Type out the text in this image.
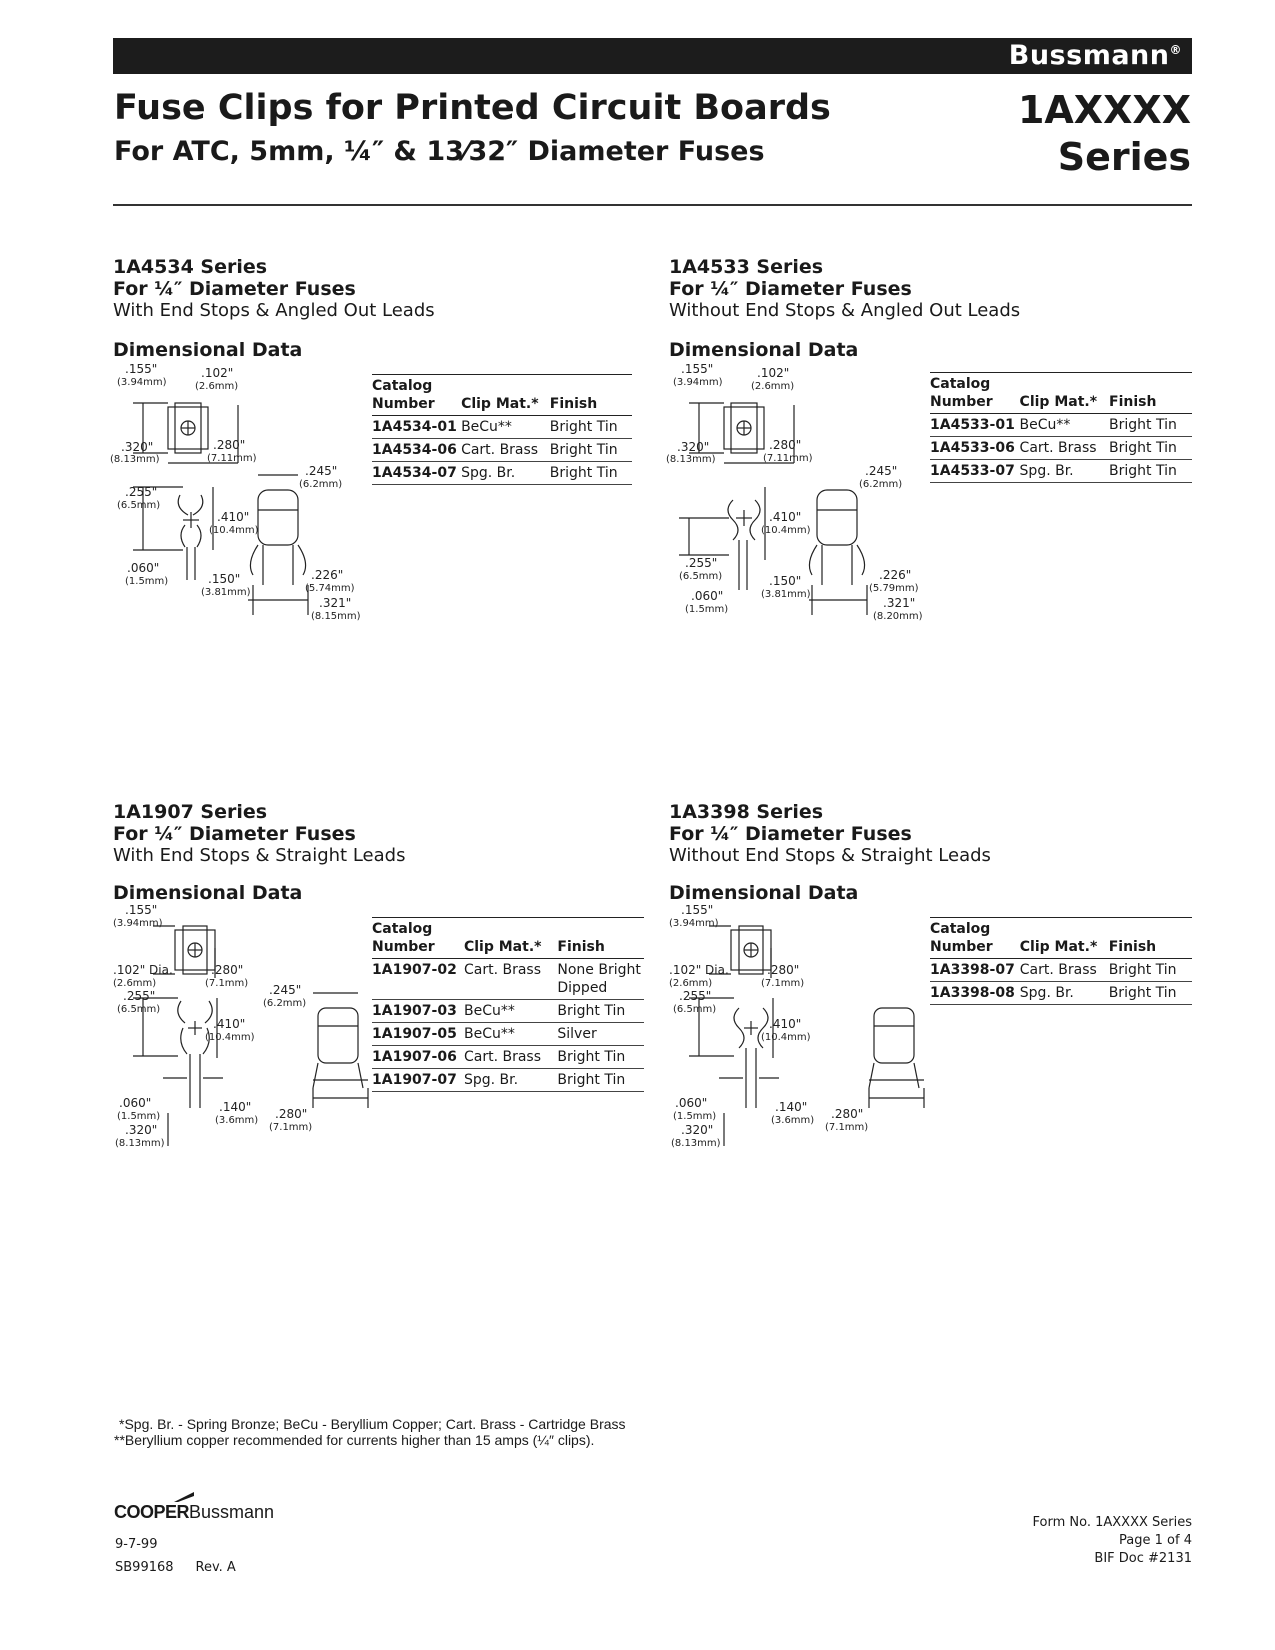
Bussmann®
Fuse Clips for Printed Circuit Boards
For ATC, 5mm, ¼″ & 13⁄32″ Diameter Fuses
1AXXXX
Series
1A4534 Series
For ¼″ Diameter Fuses
With End Stops & Angled Out Leads
Dimensional Data
Catalog Number	Clip Mat.*	Finish
1A4534-01	BeCu**	Bright Tin
1A4534-06	Cart. Brass	Bright Tin
1A4534-07	Spg. Br.	Bright Tin
.155"
(3.94mm)
.102"
(2.6mm)
.320"
(8.13mm)
.280"
(7.11mm)
.245"
(6.2mm)
.255"
(6.5mm)
.410"
(10.4mm)
.060"
(1.5mm)	.150"
(3.81mm)
.226"
(5.74mm)
.321"
(8.15mm)
1A4533 Series
For ¼″ Diameter Fuses
Without End Stops & Angled Out Leads
Dimensional Data
Catalog Number	Clip Mat.*	Finish
1A4533-01	BeCu**	Bright Tin
1A4533-06	Cart. Brass	Bright Tin
1A4533-07	Spg. Br.	Bright Tin
.155"
(3.94mm)
.102"
(2.6mm)
.320"
(8.13mm)
.280"
(7.11mm)
.245"
(6.2mm)
.255"
(6.5mm)
.410"
(10.4mm)
.060"
(1.5mm)
.150"
(3.81mm)
.226"
(5.79mm)
.321"
(8.20mm)
1A1907 Series
For ¼″ Diameter Fuses
With End Stops & Straight Leads
Dimensional Data
Catalog Number	Clip Mat.*	Finish
1A1907-02	Cart. Brass	None Bright Dipped
1A1907-03	BeCu**	Bright Tin
1A1907-05	BeCu**	Silver
1A1907-06	Cart. Brass	Bright Tin
1A1907-07	Spg. Br.	Bright Tin
.155"
(3.94mm)
.102" Dia.
(2.6mm)
.280"
(7.1mm)
.255"
(6.5mm)
.245"
(6.2mm)
.410"
(10.4mm)
.060"
(1.5mm)
.320"
(8.13mm)
.140"
(3.6mm) .280"
(7.1mm)
1A3398 Series
For ¼″ Diameter Fuses
Without End Stops & Straight Leads
Dimensional Data
Catalog Number	Clip Mat.*	Finish
1A3398-07	Cart. Brass	Bright Tin
1A3398-08	Spg. Br.	Bright Tin
.155"
(3.94mm)
.102" Dia.
(2.6mm)
.280"
(7.1mm)
.255"
(6.5mm)
.410"
(10.4mm)
.060"
(1.5mm)
.320"
(8.13mm)
.140"
(3.6mm) .280"
(7.1mm)
*Spg. Br. - Spring Bronze; BeCu - Beryllium Copper; Cart. Brass - Cartridge Brass
**Beryllium copper recommended for currents higher than 15 amps (¼″ clips).
COOPERBussmann
9-7-99
SB99168 Rev. A
Form No. 1AXXXX Series
Page 1 of 4
BIF Doc #2131
